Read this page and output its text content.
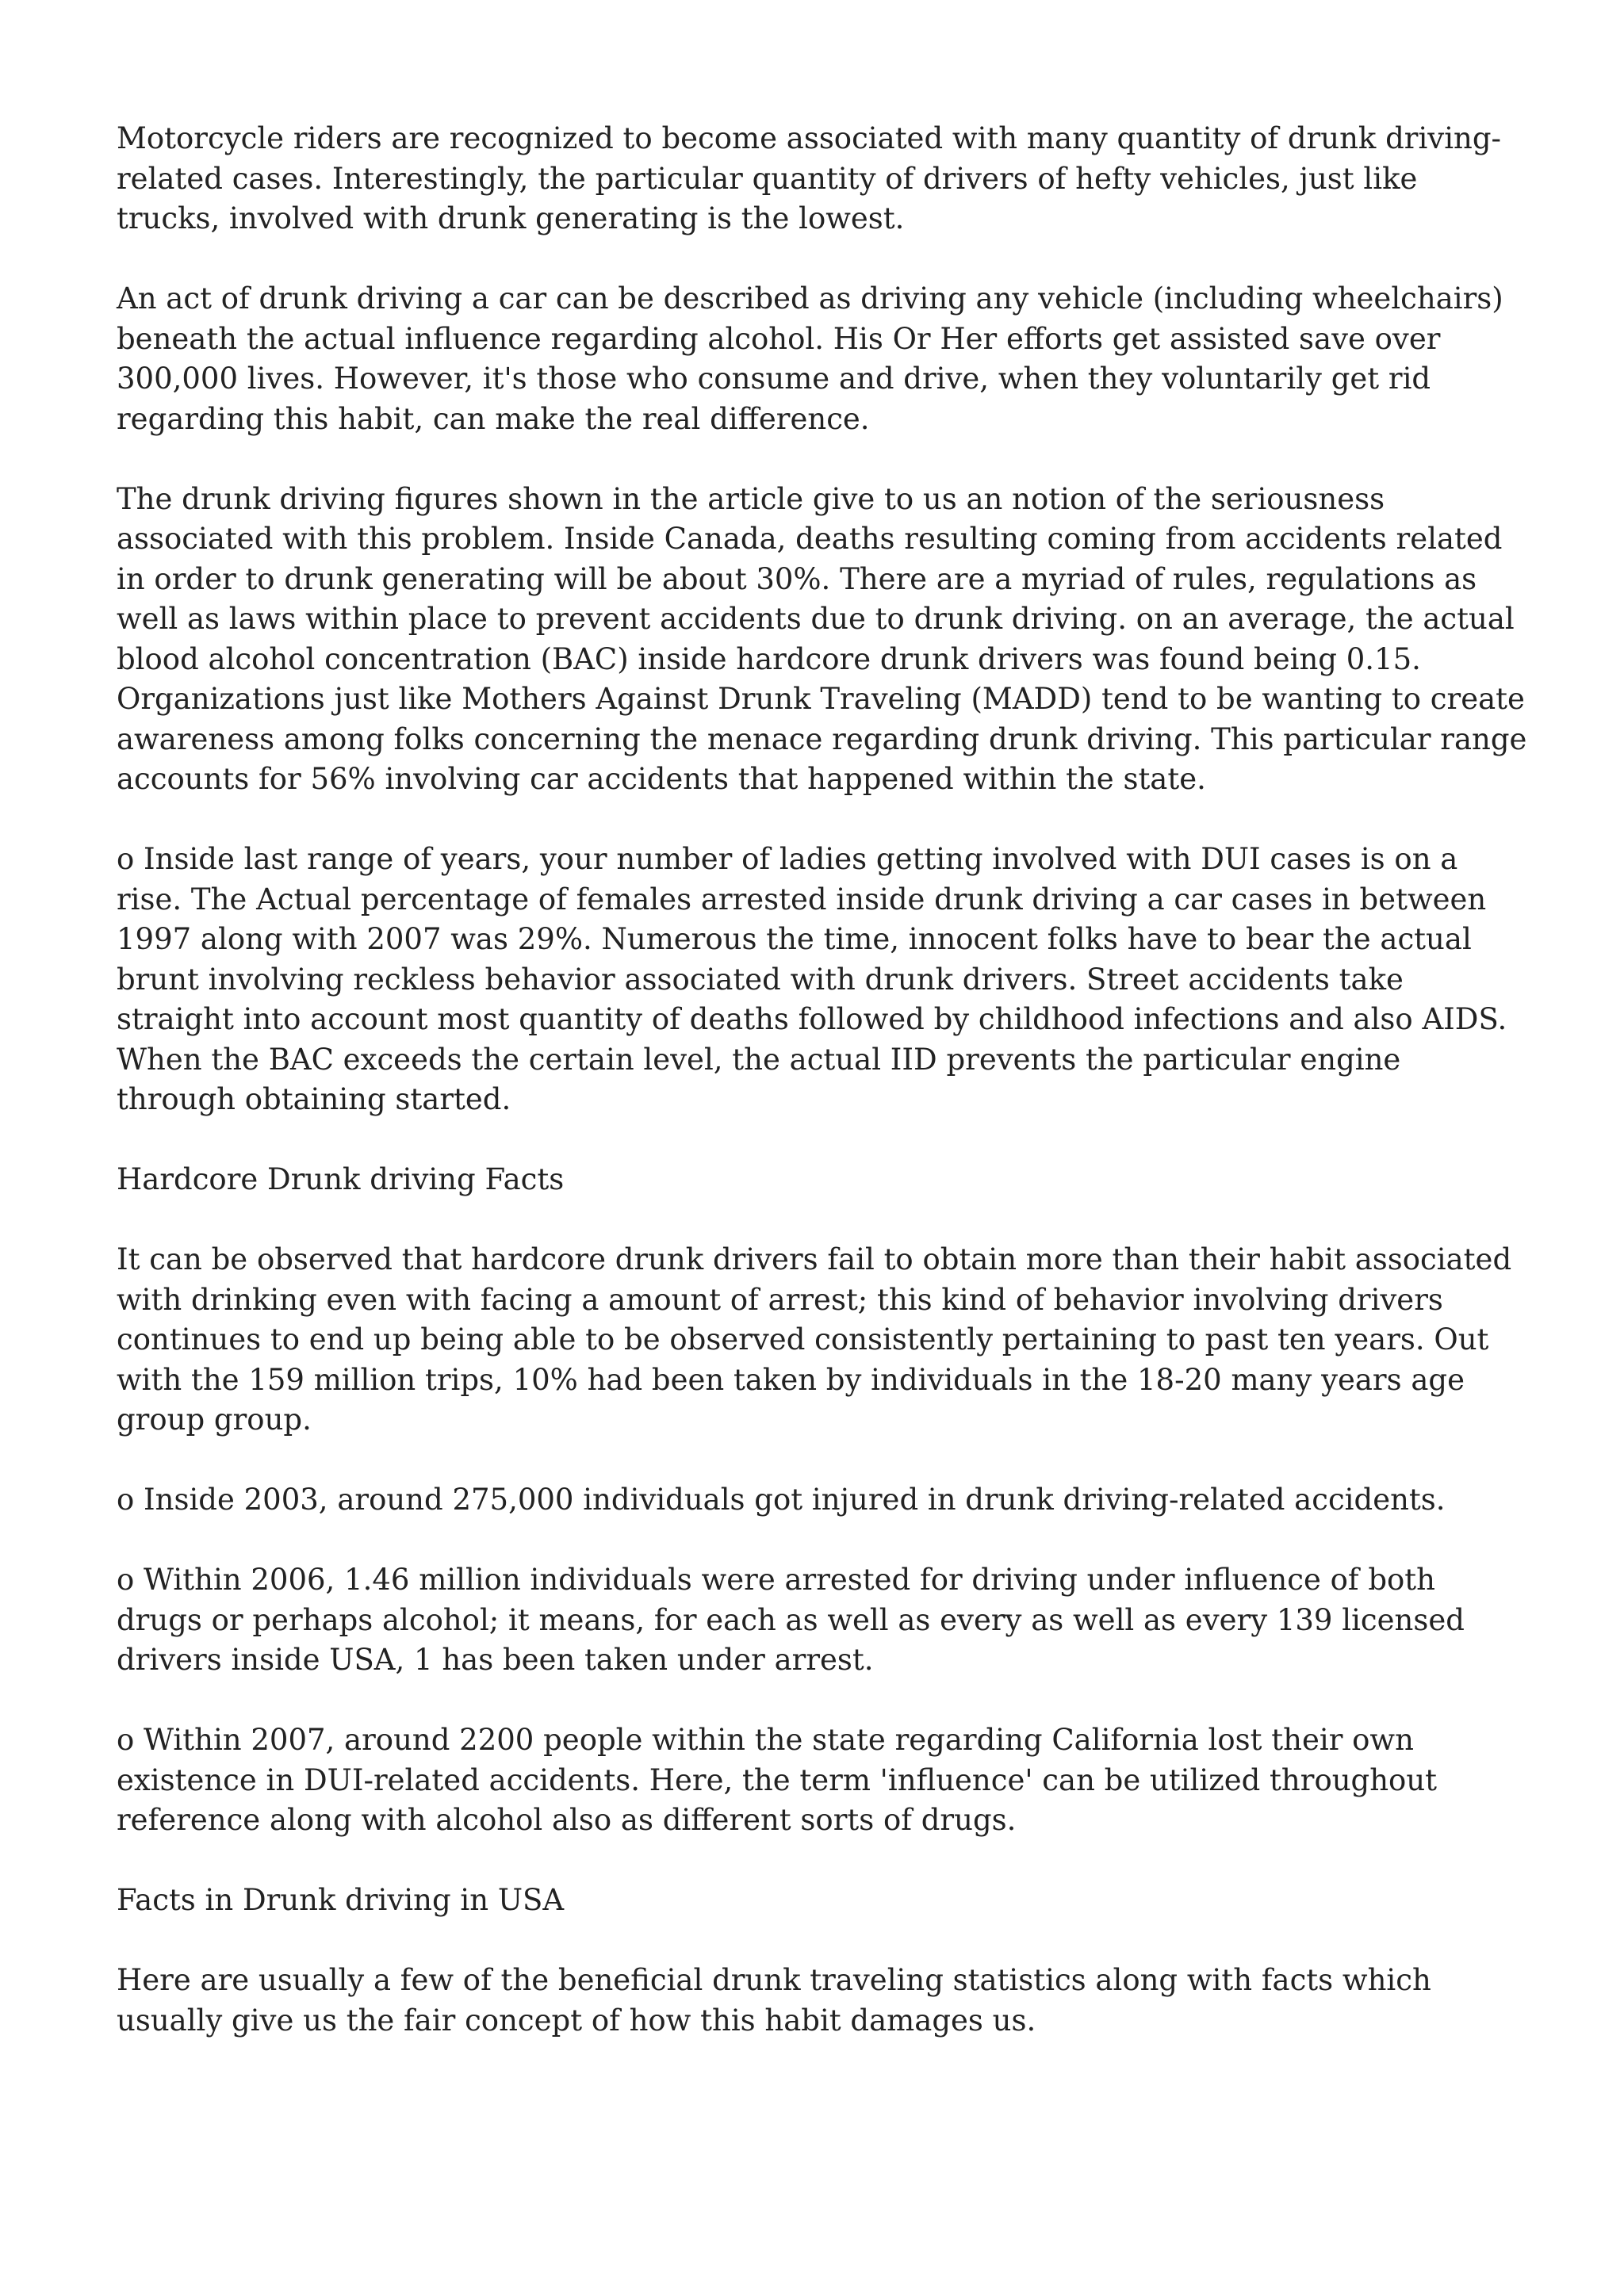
Motorcycle riders are recognized to become associated with many quantity of drunk driving-related cases. Interestingly, the particular quantity of drivers of hefty vehicles, just like trucks, involved with drunk generating is the lowest.

An act of drunk driving a car can be described as driving any vehicle (including wheelchairs) beneath the actual influence regarding alcohol. His Or Her efforts get assisted save over 300,000 lives. However, it's those who consume and drive, when they voluntarily get rid regarding this habit, can make the real difference.

The drunk driving figures shown in the article give to us an notion of the seriousness associated with this problem. Inside Canada, deaths resulting coming from accidents related in order to drunk generating will be about 30%. There are a myriad of rules, regulations as well as laws within place to prevent accidents due to drunk driving. on an average, the actual blood alcohol concentration (BAC) inside hardcore drunk drivers was found being 0.15. Organizations just like Mothers Against Drunk Traveling (MADD) tend to be wanting to create awareness among folks concerning the menace regarding drunk driving. This particular range accounts for 56% involving car accidents that happened within the state.

o Inside last range of years, your number of ladies getting involved with DUI cases is on a rise. The Actual percentage of females arrested inside drunk driving a car cases in between 1997 along with 2007 was 29%. Numerous the time, innocent folks have to bear the actual brunt involving reckless behavior associated with drunk drivers. Street accidents take straight into account most quantity of deaths followed by childhood infections and also AIDS. When the BAC exceeds the certain level, the actual IID prevents the particular engine through obtaining started.

Hardcore Drunk driving Facts

It can be observed that hardcore drunk drivers fail to obtain more than their habit associated with drinking even with facing a amount of arrest; this kind of behavior involving drivers continues to end up being able to be observed consistently pertaining to past ten years. Out with the 159 million trips, 10% had been taken by individuals in the 18-20 many years age group group.

o Inside 2003, around 275,000 individuals got injured in drunk driving-related accidents.

o Within 2006, 1.46 million individuals were arrested for driving under influence of both drugs or perhaps alcohol; it means, for each as well as every as well as every 139 licensed drivers inside USA, 1 has been taken under arrest.

o Within 2007, around 2200 people within the state regarding California lost their own existence in DUI-related accidents. Here, the term 'influence' can be utilized throughout reference along with alcohol also as different sorts of drugs.

Facts in Drunk driving in USA

Here are usually a few of the beneficial drunk traveling statistics along with facts which usually give us the fair concept of how this habit damages us.
